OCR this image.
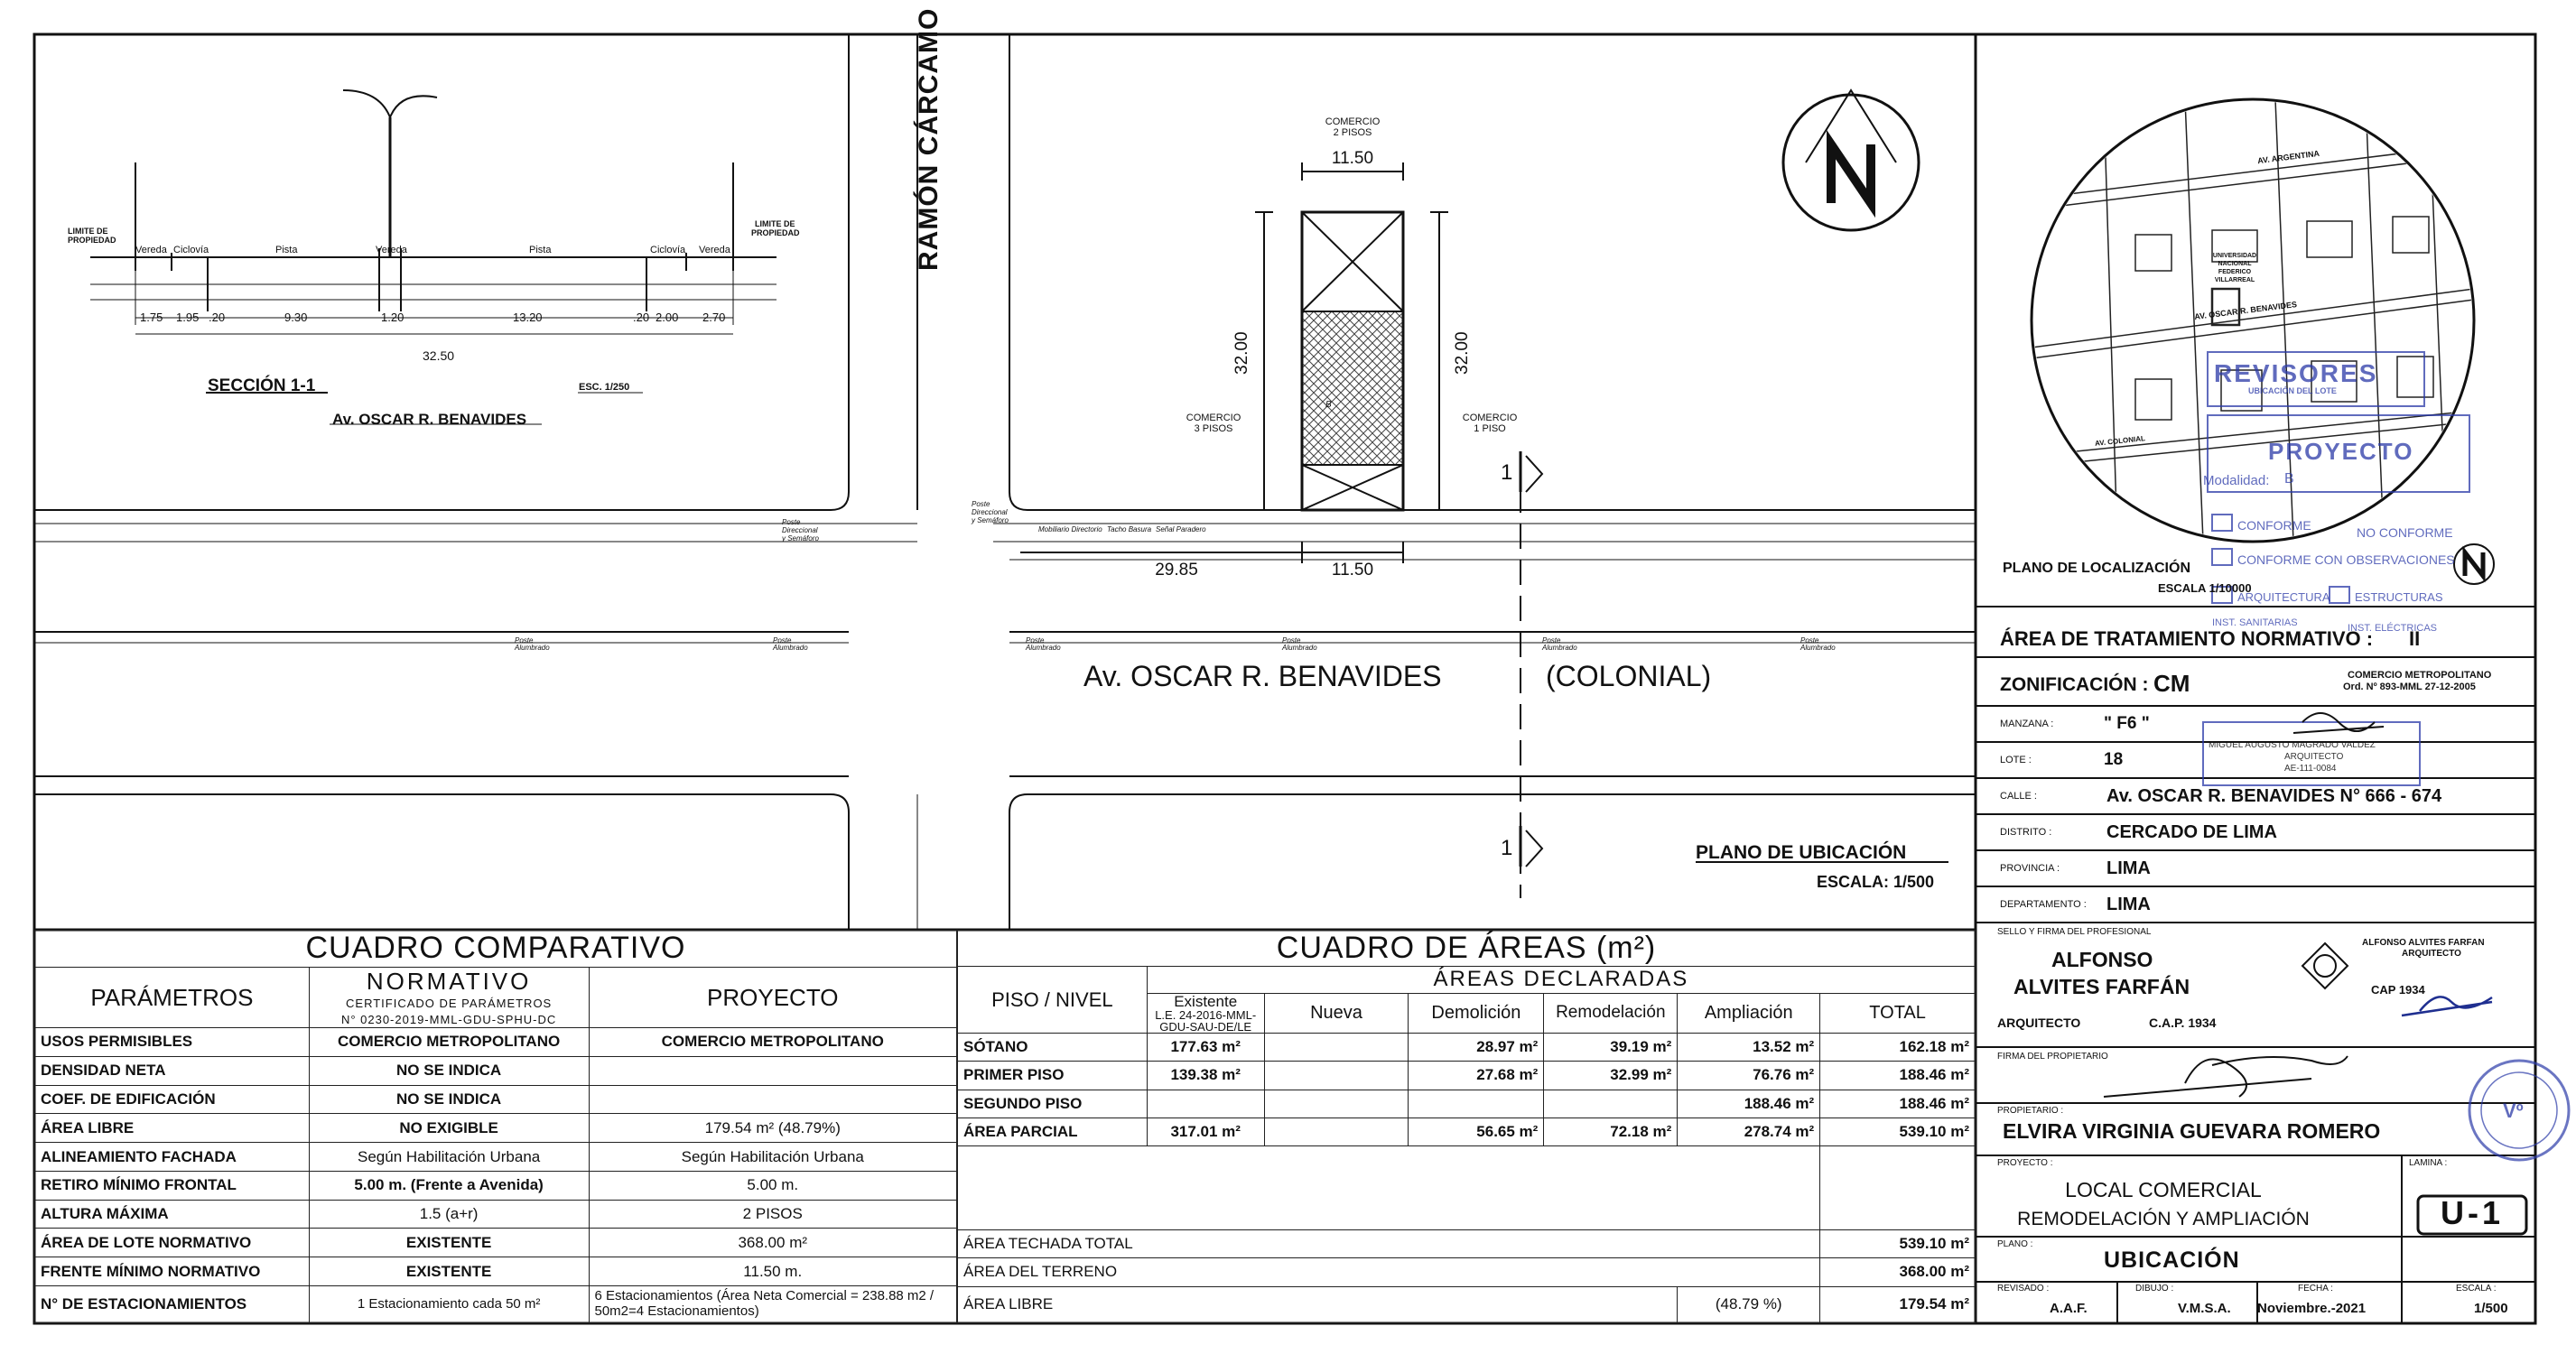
LIMITE DE
PROPIEDAD
LIMITE DE
PROPIEDAD
Vereda Ciclovía	Pista	Vereda	Pista	Ciclovía Vereda
1.75 1.95 .20	9.30	1.20	13.20	.20 2.00 2.70
32.50
SECCIÓN 1-1	ESC. 1/250
Av. OSCAR R. BENAVIDES
RAMÓN CÁRCAMO
Av. OSCAR R. BENAVIDES	(COLONIAL)
COMERCIO
2 PISOS
COMERCIO
3 PISOS
COMERCIO
1 PISO
11.50
11.50
32.00	32.00
29.85
B
1
1
Poste
Direccional
y Semáforo
Poste
Direccional
y Semáforo
Mobiliario Directorio Tacho Basura Señal Paradero
Poste
Alumbrado
Poste
Alumbrado
Poste
Alumbrado
Poste
Alumbrado
Poste
Alumbrado
Poste
Alumbrado
PLANO DE UBICACIÓN
ESCALA: 1/500
CUADRO COMPARATIVO		
PARÁMETROS	NORMATIVO	PROYECTO
	CERTIFICADO DE PARÁMETROS	
	N° 0230-2019-MML-GDU-SPHU-DC	
USOS PERMISIBLES	COMERCIO METROPOLITANO	COMERCIO METROPOLITANO
DENSIDAD NETA	NO SE INDICA	
COEF. DE EDIFICACIÓN	NO SE INDICA	
ÁREA LIBRE	NO EXIGIBLE	179.54 m² (48.79%)
ALINEAMIENTO FACHADA	Según Habilitación Urbana	Según Habilitación Urbana
RETIRO MÍNIMO FRONTAL	5.00 m. (Frente a Avenida)	5.00 m.
ALTURA MÁXIMA	1.5 (a+r)	2 PISOS
ÁREA DE LOTE NORMATIVO	EXISTENTE	368.00 m²
FRENTE MÍNIMO NORMATIVO	EXISTENTE	11.50 m.
N° DE ESTACIONAMIENTOS	1 Estacionamiento cada 50 m²	6 Estacionamientos (Área Neta Comercial = 238.88 m2 / 50m2=4 Estacionamientos)
CUADRO DE ÁREAS (m²)						
PISO / NIVEL	ÁREAS DECLARADAS					

	Existente
L.E. 24-2016-MML-GDU-SAU-DE/LE	Nueva	Demolición	Remodelación	Ampliación	TOTAL
SÓTANO	177.63 m²		28.97 m²	39.19 m²	13.52 m²	162.18 m²
PRIMER PISO	139.38 m²		27.68 m²	32.99 m²	76.76 m²	188.46 m²
SEGUNDO PISO					188.46 m²	188.46 m²
ÁREA PARCIAL	317.01 m²		56.65 m²	72.18 m²	278.74 m²	539.10 m²

ÁREA TECHADA TOTAL						539.10 m²
ÁREA DEL TERRENO						368.00 m²
ÁREA LIBRE					(48.79 %)	179.54 m²
AV. ARGENTINA
AV. OSCAR R. BENAVIDES
AV. COLONIAL
UNIVERSIDAD
NACIONAL
FEDERICO
VILLARREAL
PLANO DE LOCALIZACIÓN
ESCALA 1/10000
ÁREA DE TRATAMIENTO NORMATIVO : II
ZONIFICACIÓN : CM	COMERCIO METROPOLITANO
Ord. Nº 893-MML 27-12-2005
MANZANA :	" F6 "
LOTE :	18
CALLE :	Av. OSCAR R. BENAVIDES N° 666 - 674
DISTRITO :	CERCADO DE LIMA
PROVINCIA :	LIMA
DEPARTAMENTO : LIMA
SELLO Y FIRMA DEL PROFESIONAL
ALFONSO
ALVITES FARFÁN
ARQUITECTO	C.A.P. 1934
ALFONSO ALVITES FARFAN
ARQUITECTO
CAP 1934
FIRMA DEL PROPIETARIO
PROPIETARIO :
ELVIRA VIRGINIA GUEVARA ROMERO
PROYECTO :
LOCAL COMERCIAL
REMODELACIÓN Y AMPLIACIÓN
LAMINA :
U-1
PLANO :
UBICACIÓN
REVISADO :
A.A.F.
DIBUJO :
V.M.S.A.
FECHA :
Noviembre.-2021
ESCALA :
1/500
REVISORES
UBICACIÓN DEL LOTE
PROYECTO
Modalidad: B
CONFORME	NO CONFORME
CONFORME CON OBSERVACIONES
ARQUITECTURA ESTRUCTURAS
INST. SANITARIAS	INST. ELÉCTRICAS
MIGUEL AUGUSTO MAGRADO VALDEZ
ARQUITECTO
AE-111-0084
Vº
